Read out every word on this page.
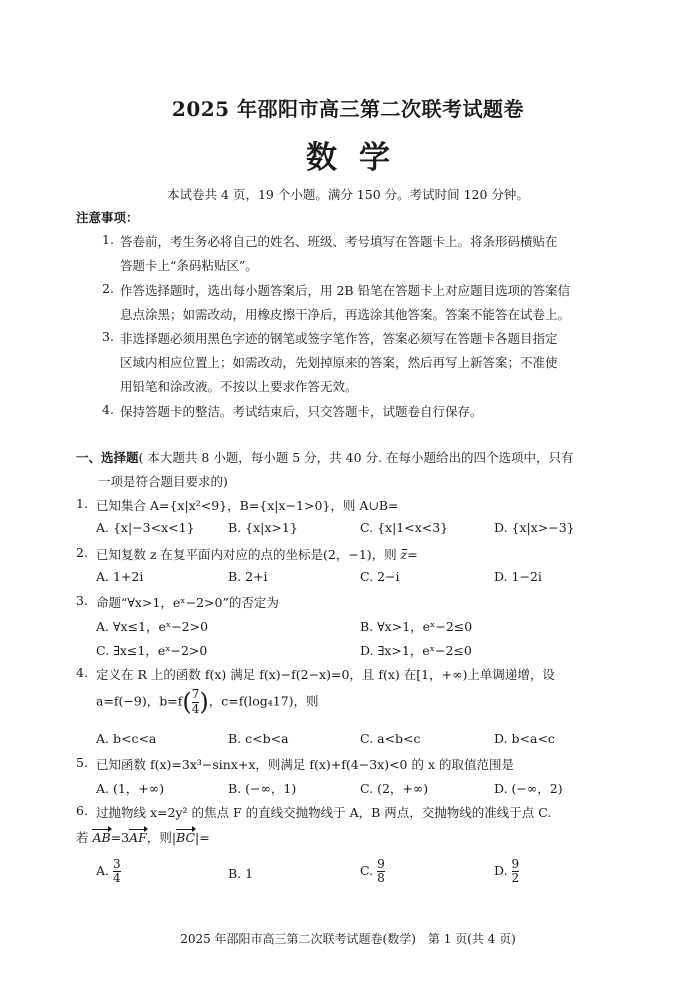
2025 年邵阳市高三第二次联考试题卷
数学
本试卷共 4 页，19 个小题。满分 150 分。考试时间 120 分钟。
注意事项：
1. 答卷前，考生务必将自己的姓名、班级、考号填写在答题卡上。将条形码横贴在
答题卡上“条码粘贴区”。
2. 作答选择题时，选出每小题答案后，用 2B 铅笔在答题卡上对应题目选项的答案信
息点涂黑；如需改动，用橡皮擦干净后，再选涂其他答案。答案不能答在试卷上。
3. 非选择题必须用黑色字迹的钢笔或签字笔作答，答案必须写在答题卡各题目指定
区域内相应位置上；如需改动，先划掉原来的答案，然后再写上新答案；不准使
用铅笔和涂改液。不按以上要求作答无效。
4. 保持答题卡的整洁。考试结束后，只交答题卡，试题卷自行保存。
一、选择题( 本大题共 8 小题，每小题 5 分，共 40 分. 在每小题给出的四个选项中，只有
一项是符合题目要求的)
1. 已知集合 A={x|x²<9}，B={x|x−1>0}，则 A∪B=
A. {x|−3<x<1}	B. {x|x>1}	C. {x|1<x<3}	D. {x|x>−3}
2. 已知复数 z 在复平面内对应的点的坐标是(2，−1)，则 z=
A. 1+2i	B. 2+i	C. 2−i	D. 1−2i
3. 命题“∀x>1，eˣ−2>0”的否定为
A. ∀x≤1，eˣ−2>0	B. ∀x>1，eˣ−2≤0
C. ∃x≤1，eˣ−2>0	D. ∃x>1，eˣ−2≤0
4. 定义在 R 上的函数 f(x) 满足 f(x)−f(2−x)=0，且 f(x) 在[1，+∞)上单调递增，设
a=f(−9)，$b=f( \frac{7}{4}$ )，c=f(log₄17)，则
A. b<c<a	B. c<b<a	C. a<b<c	D. b<a<c
5. 已知函数 f(x)=3x³−sinx+x，则满足 f(x)+f(4−3x)<0 的 x 的取值范围是
A. (1，+∞)	B. (−∞，1)	C. (2，+∞)	D. (−∞，2)
6. 过抛物线 x=2y² 的焦点 F 的直线交抛物线于 A，B 两点，交抛物线的准线于点 C.
若 AB=3AF，则|BC|=
A. $\frac{3}{4}$	B. 1	C. $\frac{9}{8}$	D. $\frac{9}{2}$
2025 年邵阳市高三第二次联考试题卷(数学)　第 1 页(共 4 页)
